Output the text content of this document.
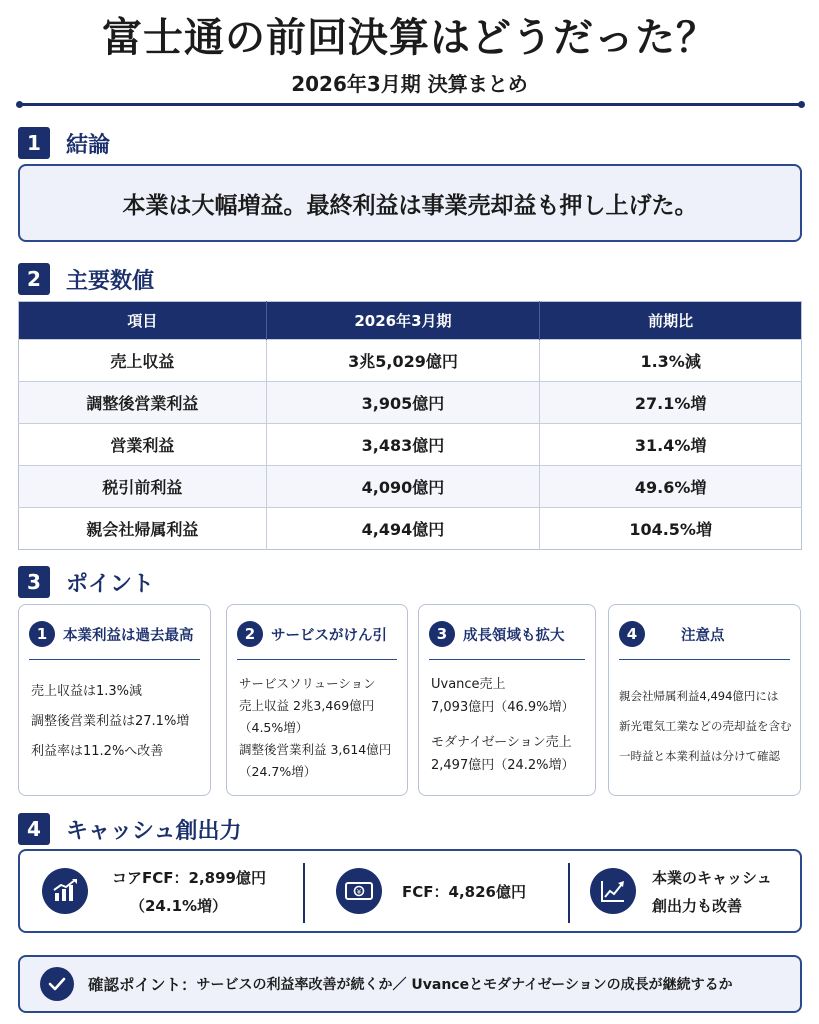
富士通の前回決算はどうだった？
2026年3月期 決算まとめ
1	結論
本業は大幅増益。最終利益は事業売却益も押し上げた。
2	主要数値
項目	2026年3月期	前期比
売上収益	3兆5,029億円	1.3%減
調整後営業利益	3,905億円	27.1%増
営業利益	3,483億円	31.4%増
税引前利益	4,090億円	49.6%増
親会社帰属利益	4,494億円	104.5%増
3	ポイント
1	本業利益は過去最高
売上収益は1.3%減
調整後営業利益は27.1%増
利益率は11.2%へ改善
2	サービスがけん引
サービスソリューション
売上収益 2兆3,469億円
（4.5%増）
調整後営業利益 3,614億円
（24.7%増）
3	成長領域も拡大
Uvance売上
7,093億円（46.9%増）
モダナイゼーション売上
2,497億円（24.2%増）
4	注意点
親会社帰属利益4,494億円には
新光電気工業などの売却益を含む
一時益と本業利益は分けて確認
4	キャッシュ創出力
コアFCF：2,899億円
（24.1%増）
¥	FCF：4,826億円
本業のキャッシュ
創出力も改善
確認ポイント： サービスの利益率改善が続くか／ Uvanceとモダナイゼーションの成長が継続するか
